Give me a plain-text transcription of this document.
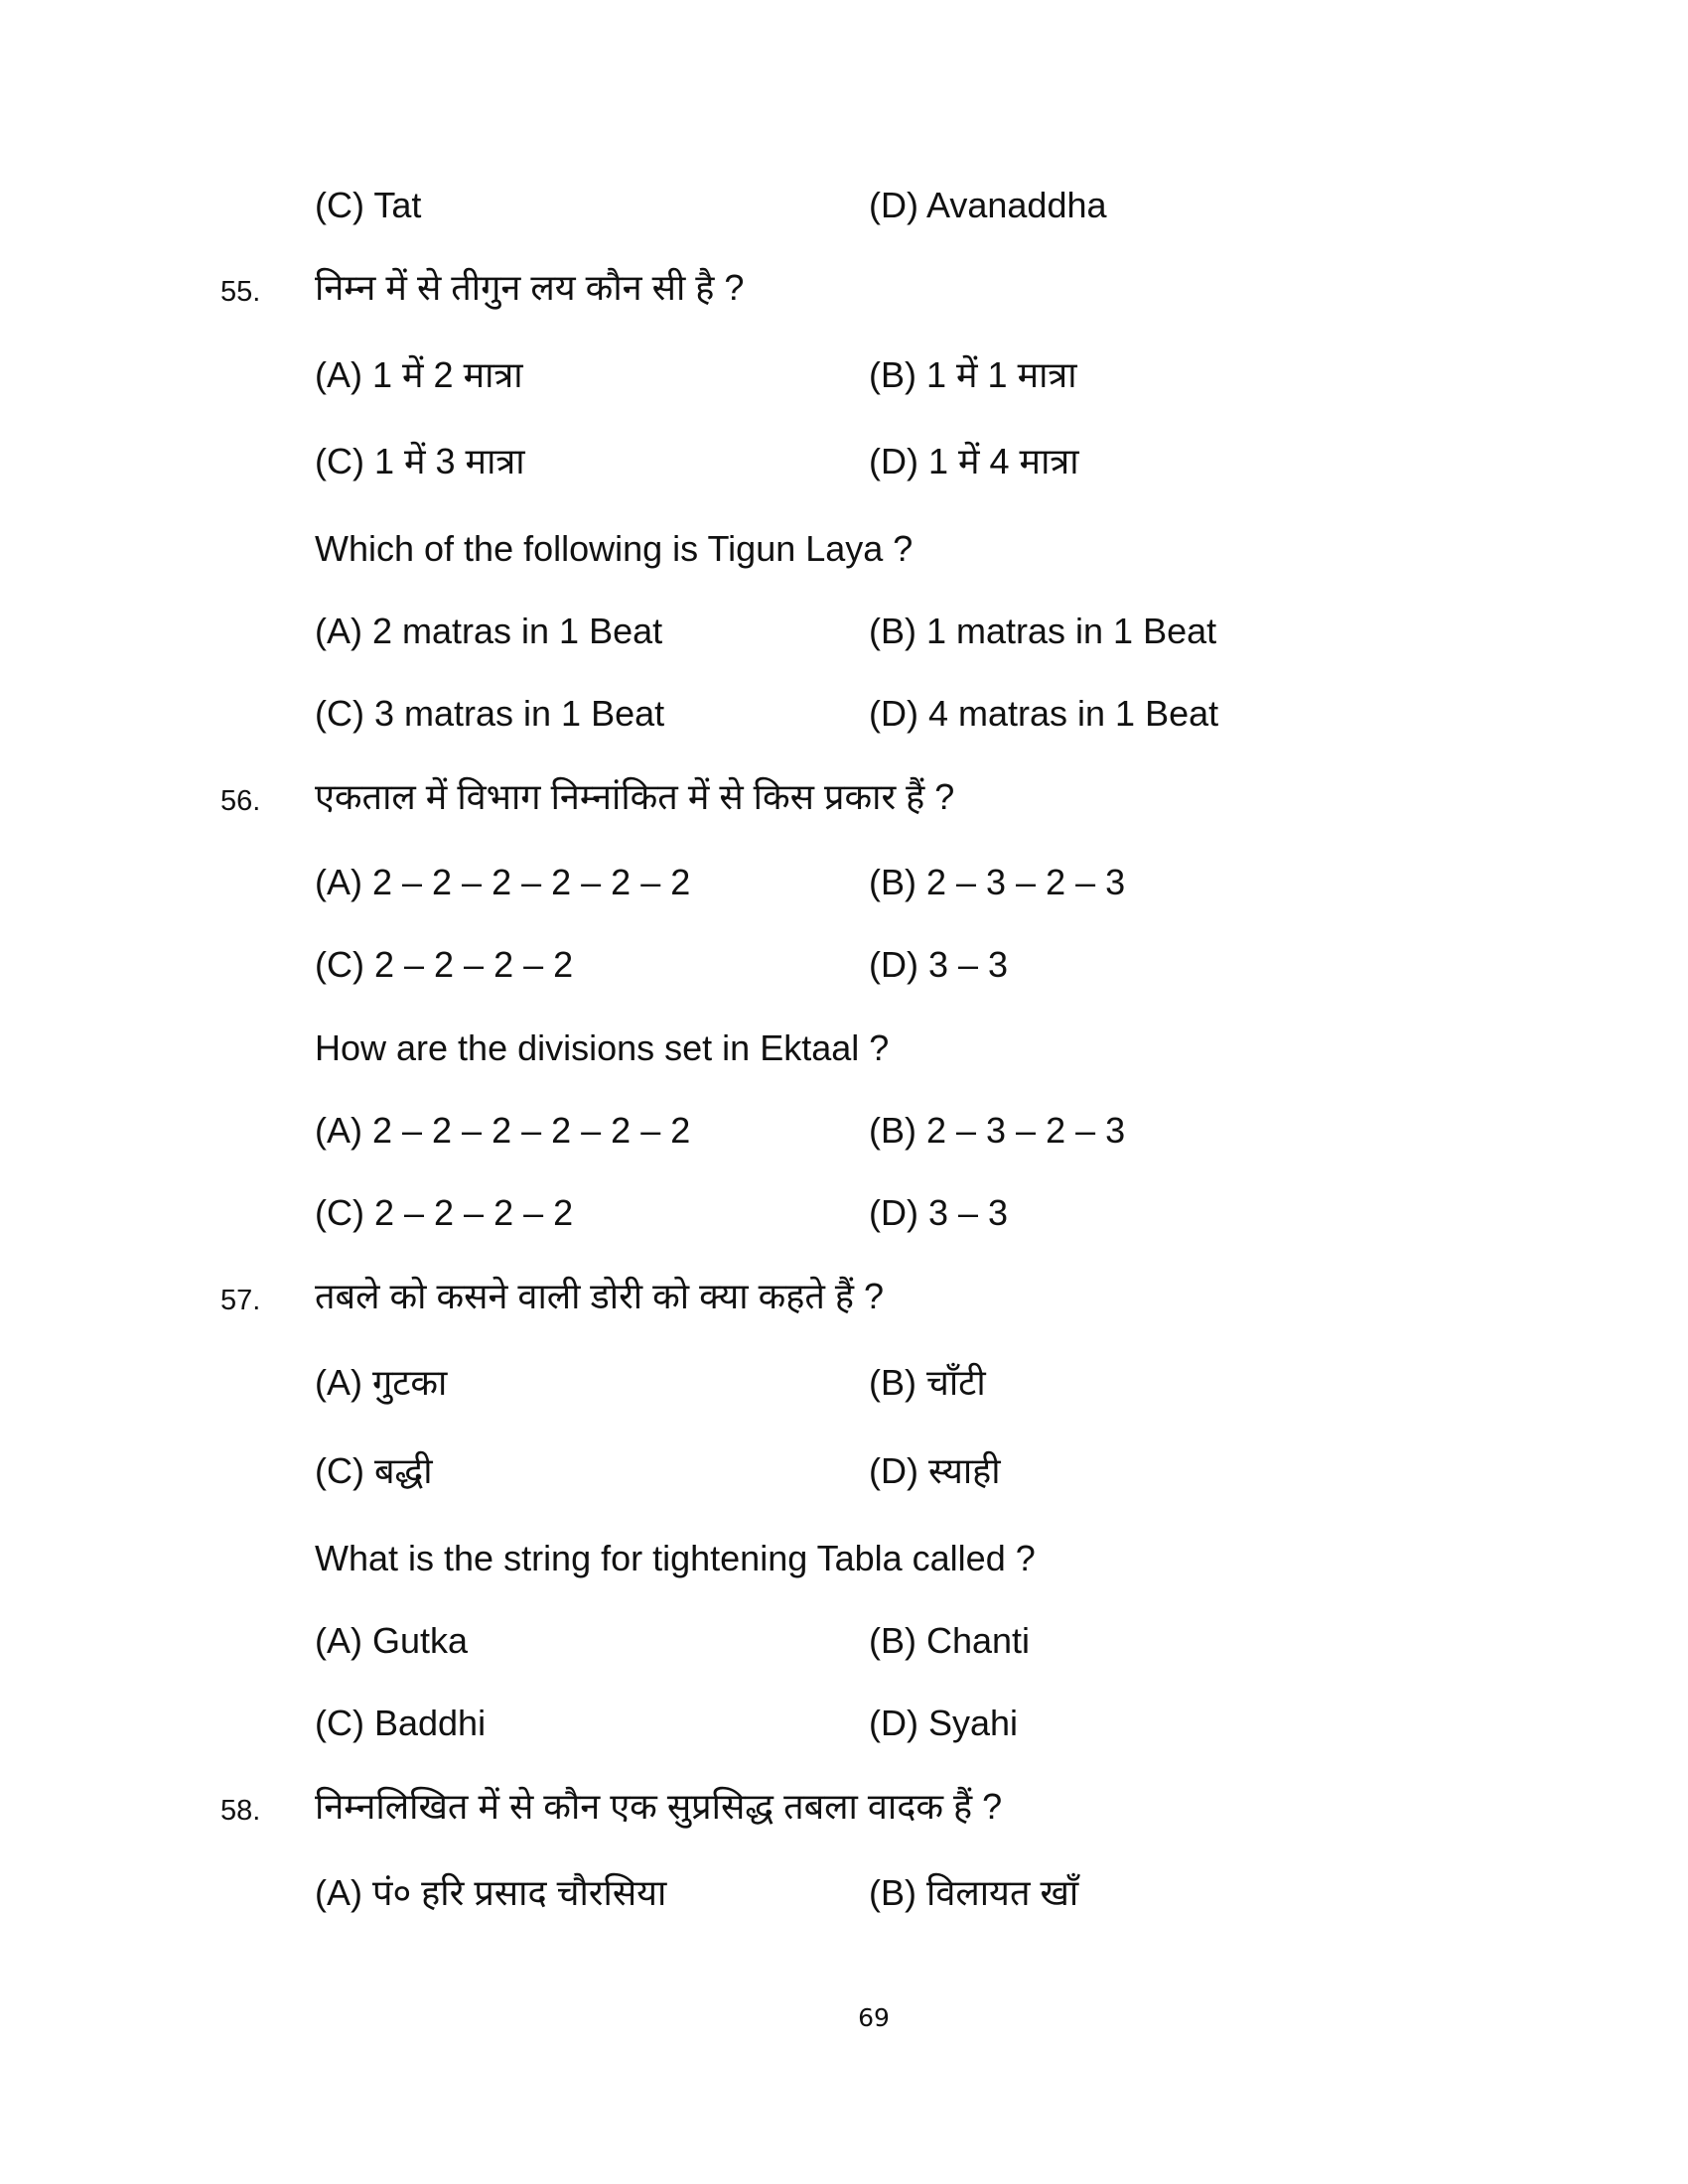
(C) Tat	(D) Avanaddha
55. निम्न में से तीगुन लय कौन सी है ?
(A) 1 में 2 मात्रा	(B) 1 में 1 मात्रा
(C) 1 में 3 मात्रा	(D) 1 में 4 मात्रा
Which of the following is Tigun Laya ?
(A) 2 matras in 1 Beat	(B) 1 matras in 1 Beat
(C) 3 matras in 1 Beat	(D) 4 matras in 1 Beat
56. एकताल में विभाग निम्नांकित में से किस प्रकार हैं ?
(A) 2 – 2 – 2 – 2 – 2 – 2	(B) 2 – 3 – 2 – 3
(C) 2 – 2 – 2 – 2	(D) 3 – 3
How are the divisions set in Ektaal ?
(A) 2 – 2 – 2 – 2 – 2 – 2	(B) 2 – 3 – 2 – 3
(C) 2 – 2 – 2 – 2	(D) 3 – 3
57. तबले को कसने वाली डोरी को क्या कहते हैं ?
(A) गुटका	(B) चाँटी
(C) बद्धी	(D) स्याही
What is the string for tightening Tabla called ?
(A) Gutka	(B) Chanti
(C) Baddhi	(D) Syahi
58. निम्नलिखित में से कौन एक सुप्रसिद्ध तबला वादक हैं ?
(A) पं० हरि प्रसाद चौरसिया	(B) विलायत खाँ
69
